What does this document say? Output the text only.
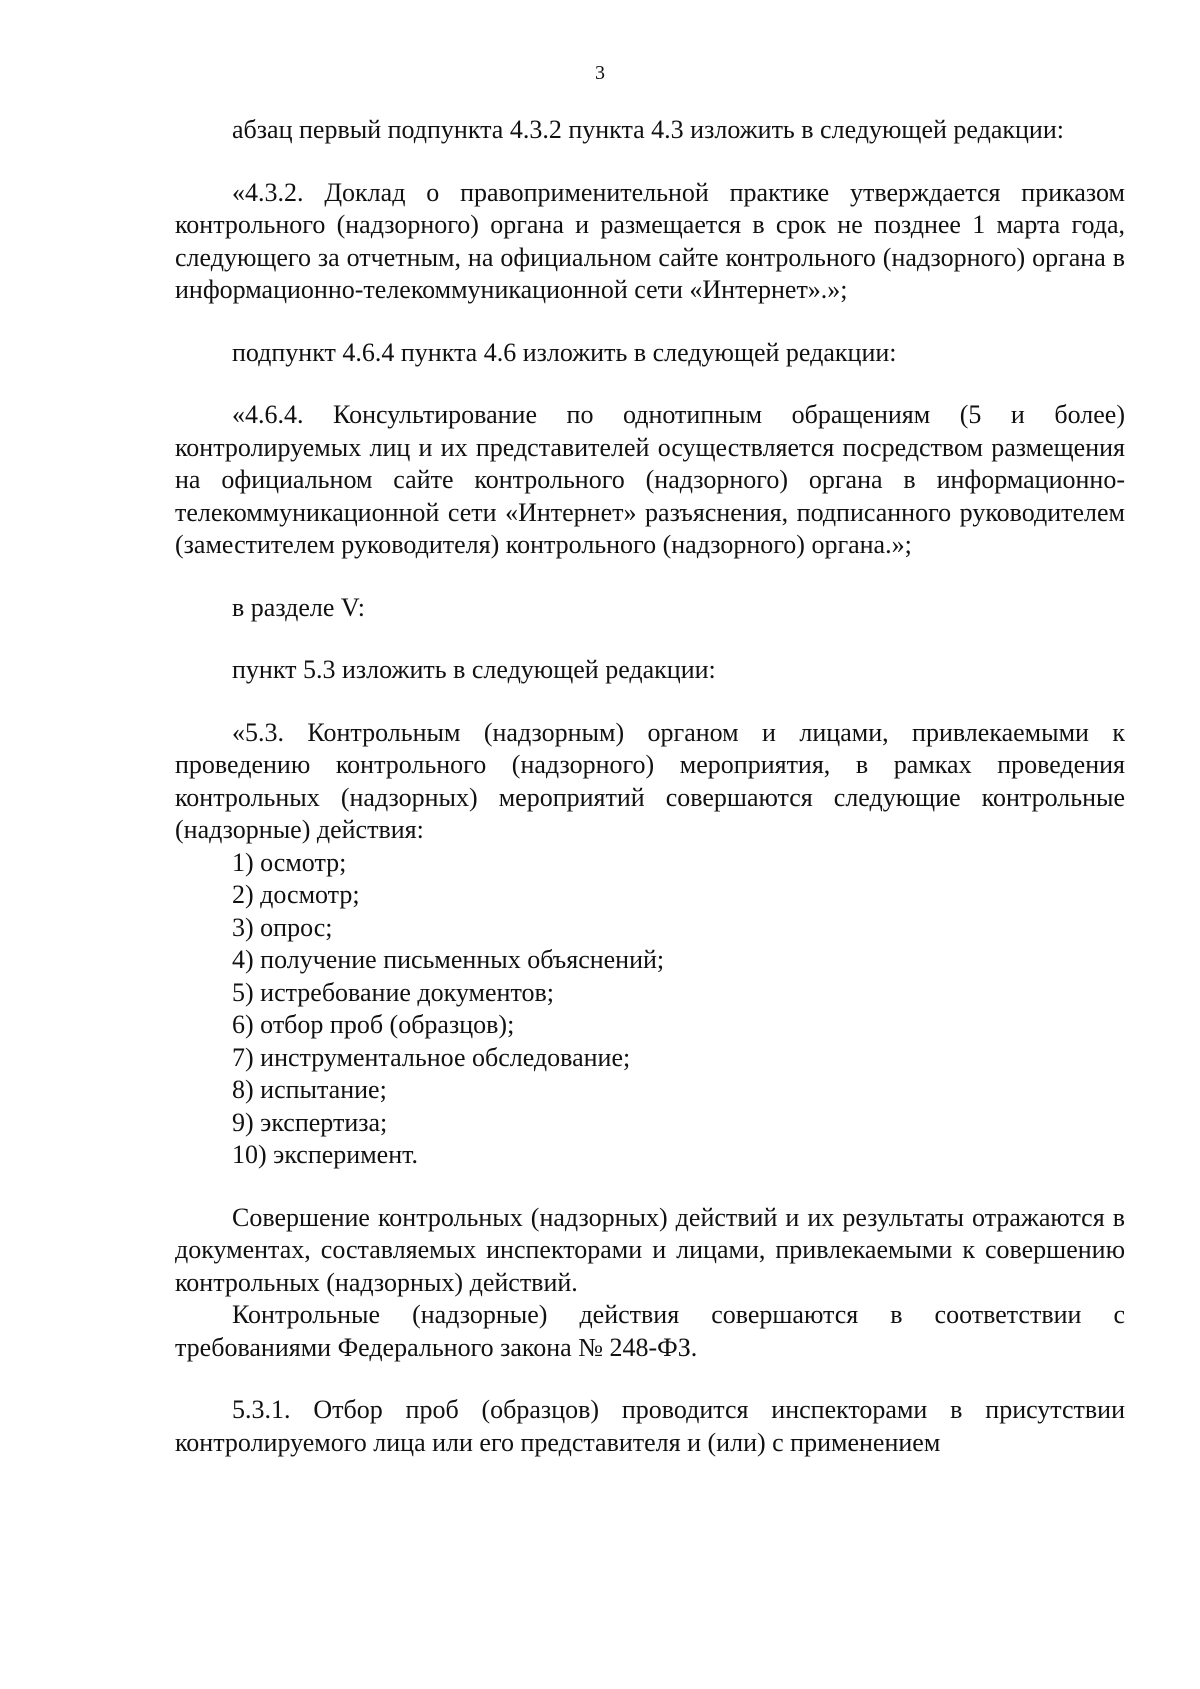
3

абзац первый подпункта 4.3.2 пункта 4.3 изложить в следующей редакции:

«4.3.2. Доклад о правоприменительной практике утверждается приказом контрольного (надзорного) органа и размещается в срок не позднее 1 марта года, следующего за отчетным, на официальном сайте контрольного (надзорного) органа в информационно-телекоммуникационной сети «Интернет».»;

подпункт 4.6.4 пункта 4.6 изложить в следующей редакции:

«4.6.4. Консультирование по однотипным обращениям (5 и более) контролируемых лиц и их представителей осуществляется посредством размещения на официальном сайте контрольного (надзорного) органа в информационно-телекоммуникационной сети «Интернет» разъяснения, подписанного руководителем (заместителем руководителя) контрольного (надзорного) органа.»;

в разделе V:

пункт 5.3 изложить в следующей редакции:

«5.3. Контрольным (надзорным) органом и лицами, привлекаемыми к проведению контрольного (надзорного) мероприятия, в рамках проведения контрольных (надзорных) мероприятий совершаются следующие контрольные (надзорные) действия:

1) осмотр;
2) досмотр;
3) опрос;
4) получение письменных объяснений;
5) истребование документов;
6) отбор проб (образцов);
7) инструментальное обследование;
8) испытание;
9) экспертиза;
10) эксперимент.

Совершение контрольных (надзорных) действий и их результаты отражаются в документах, составляемых инспекторами и лицами, привлекаемыми к совершению контрольных (надзорных) действий.

Контрольные (надзорные) действия совершаются в соответствии с требованиями Федерального закона № 248-ФЗ.

5.3.1. Отбор проб (образцов) проводится инспекторами в присутствии контролируемого лица или его представителя и (или) с применением
